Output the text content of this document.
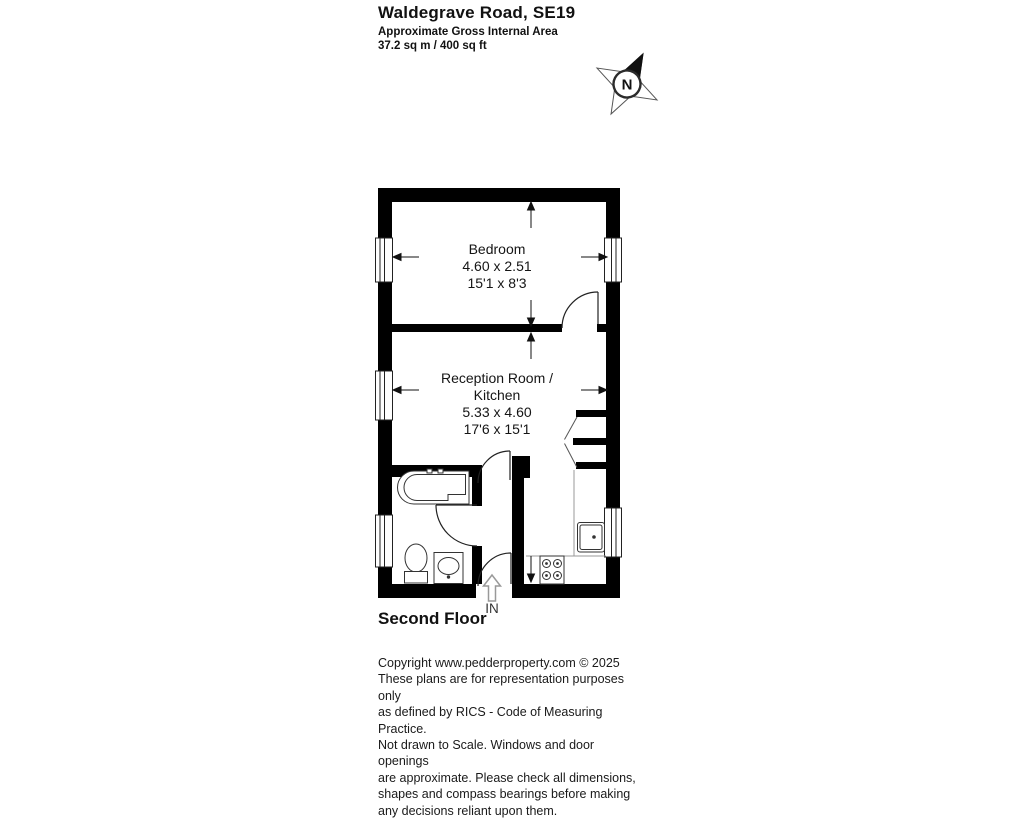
N
Waldegrave Road, SE19
Approximate Gross Internal Area
37.2 sq m / 400 sq ft
Bedroom
4.60 x 2.51
15'1 x 8'3
Reception Room /
Kitchen
5.33 x 4.60
17'6 x 15'1
IN
Second Floor
Copyright www.pedderproperty.com © 2025
These plans are for representation purposes only
as defined by RICS - Code of Measuring Practice.
Not drawn to Scale. Windows and door openings
are approximate. Please check all dimensions,
shapes and compass bearings before making
any decisions reliant upon them.
